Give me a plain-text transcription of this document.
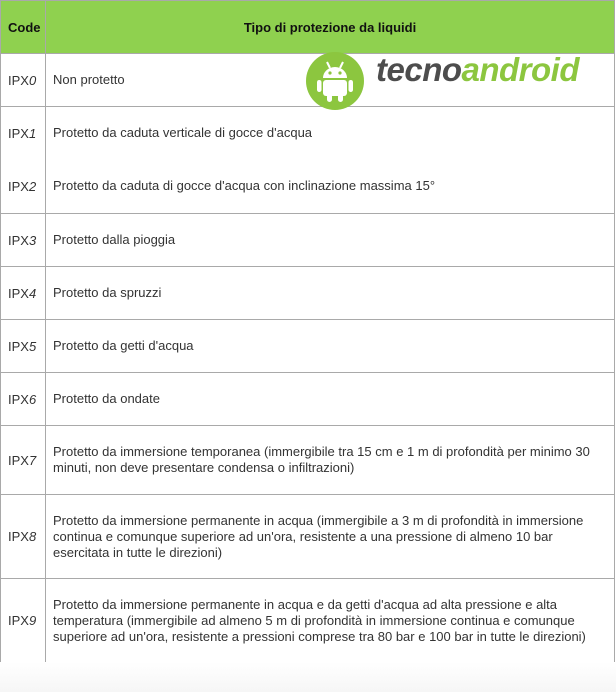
Code	Tipo di protezione da liquidi
IPX0	Non protetto
IPX1	Protetto da caduta verticale di gocce d'acqua
IPX2	Protetto da caduta di gocce d'acqua con inclinazione massima 15°
IPX3	Protetto dalla pioggia
IPX4	Protetto da spruzzi
IPX5	Protetto da getti d'acqua
IPX6	Protetto da ondate
IPX7	Protetto da immersione temporanea (immergibile tra 15 cm e 1 m di profondità per minimo 30 minuti, non deve presentare condensa o infiltrazioni)
IPX8	Protetto da immersione permanente in acqua (immergibile a 3 m di profondità in immersione continua e comunque superiore ad un'ora, resistente a una pressione di almeno 10 bar esercitata in tutte le direzioni)
IPX9	Protetto da immersione permanente in acqua e da getti d'acqua ad alta pressione e alta temperatura (immergibile ad almeno 5 m di profondità in immersione continua e comunque superiore ad un'ora, resistente a pressioni comprese tra 80 bar e 100 bar in tutte le direzioni)
tecnoandroid
